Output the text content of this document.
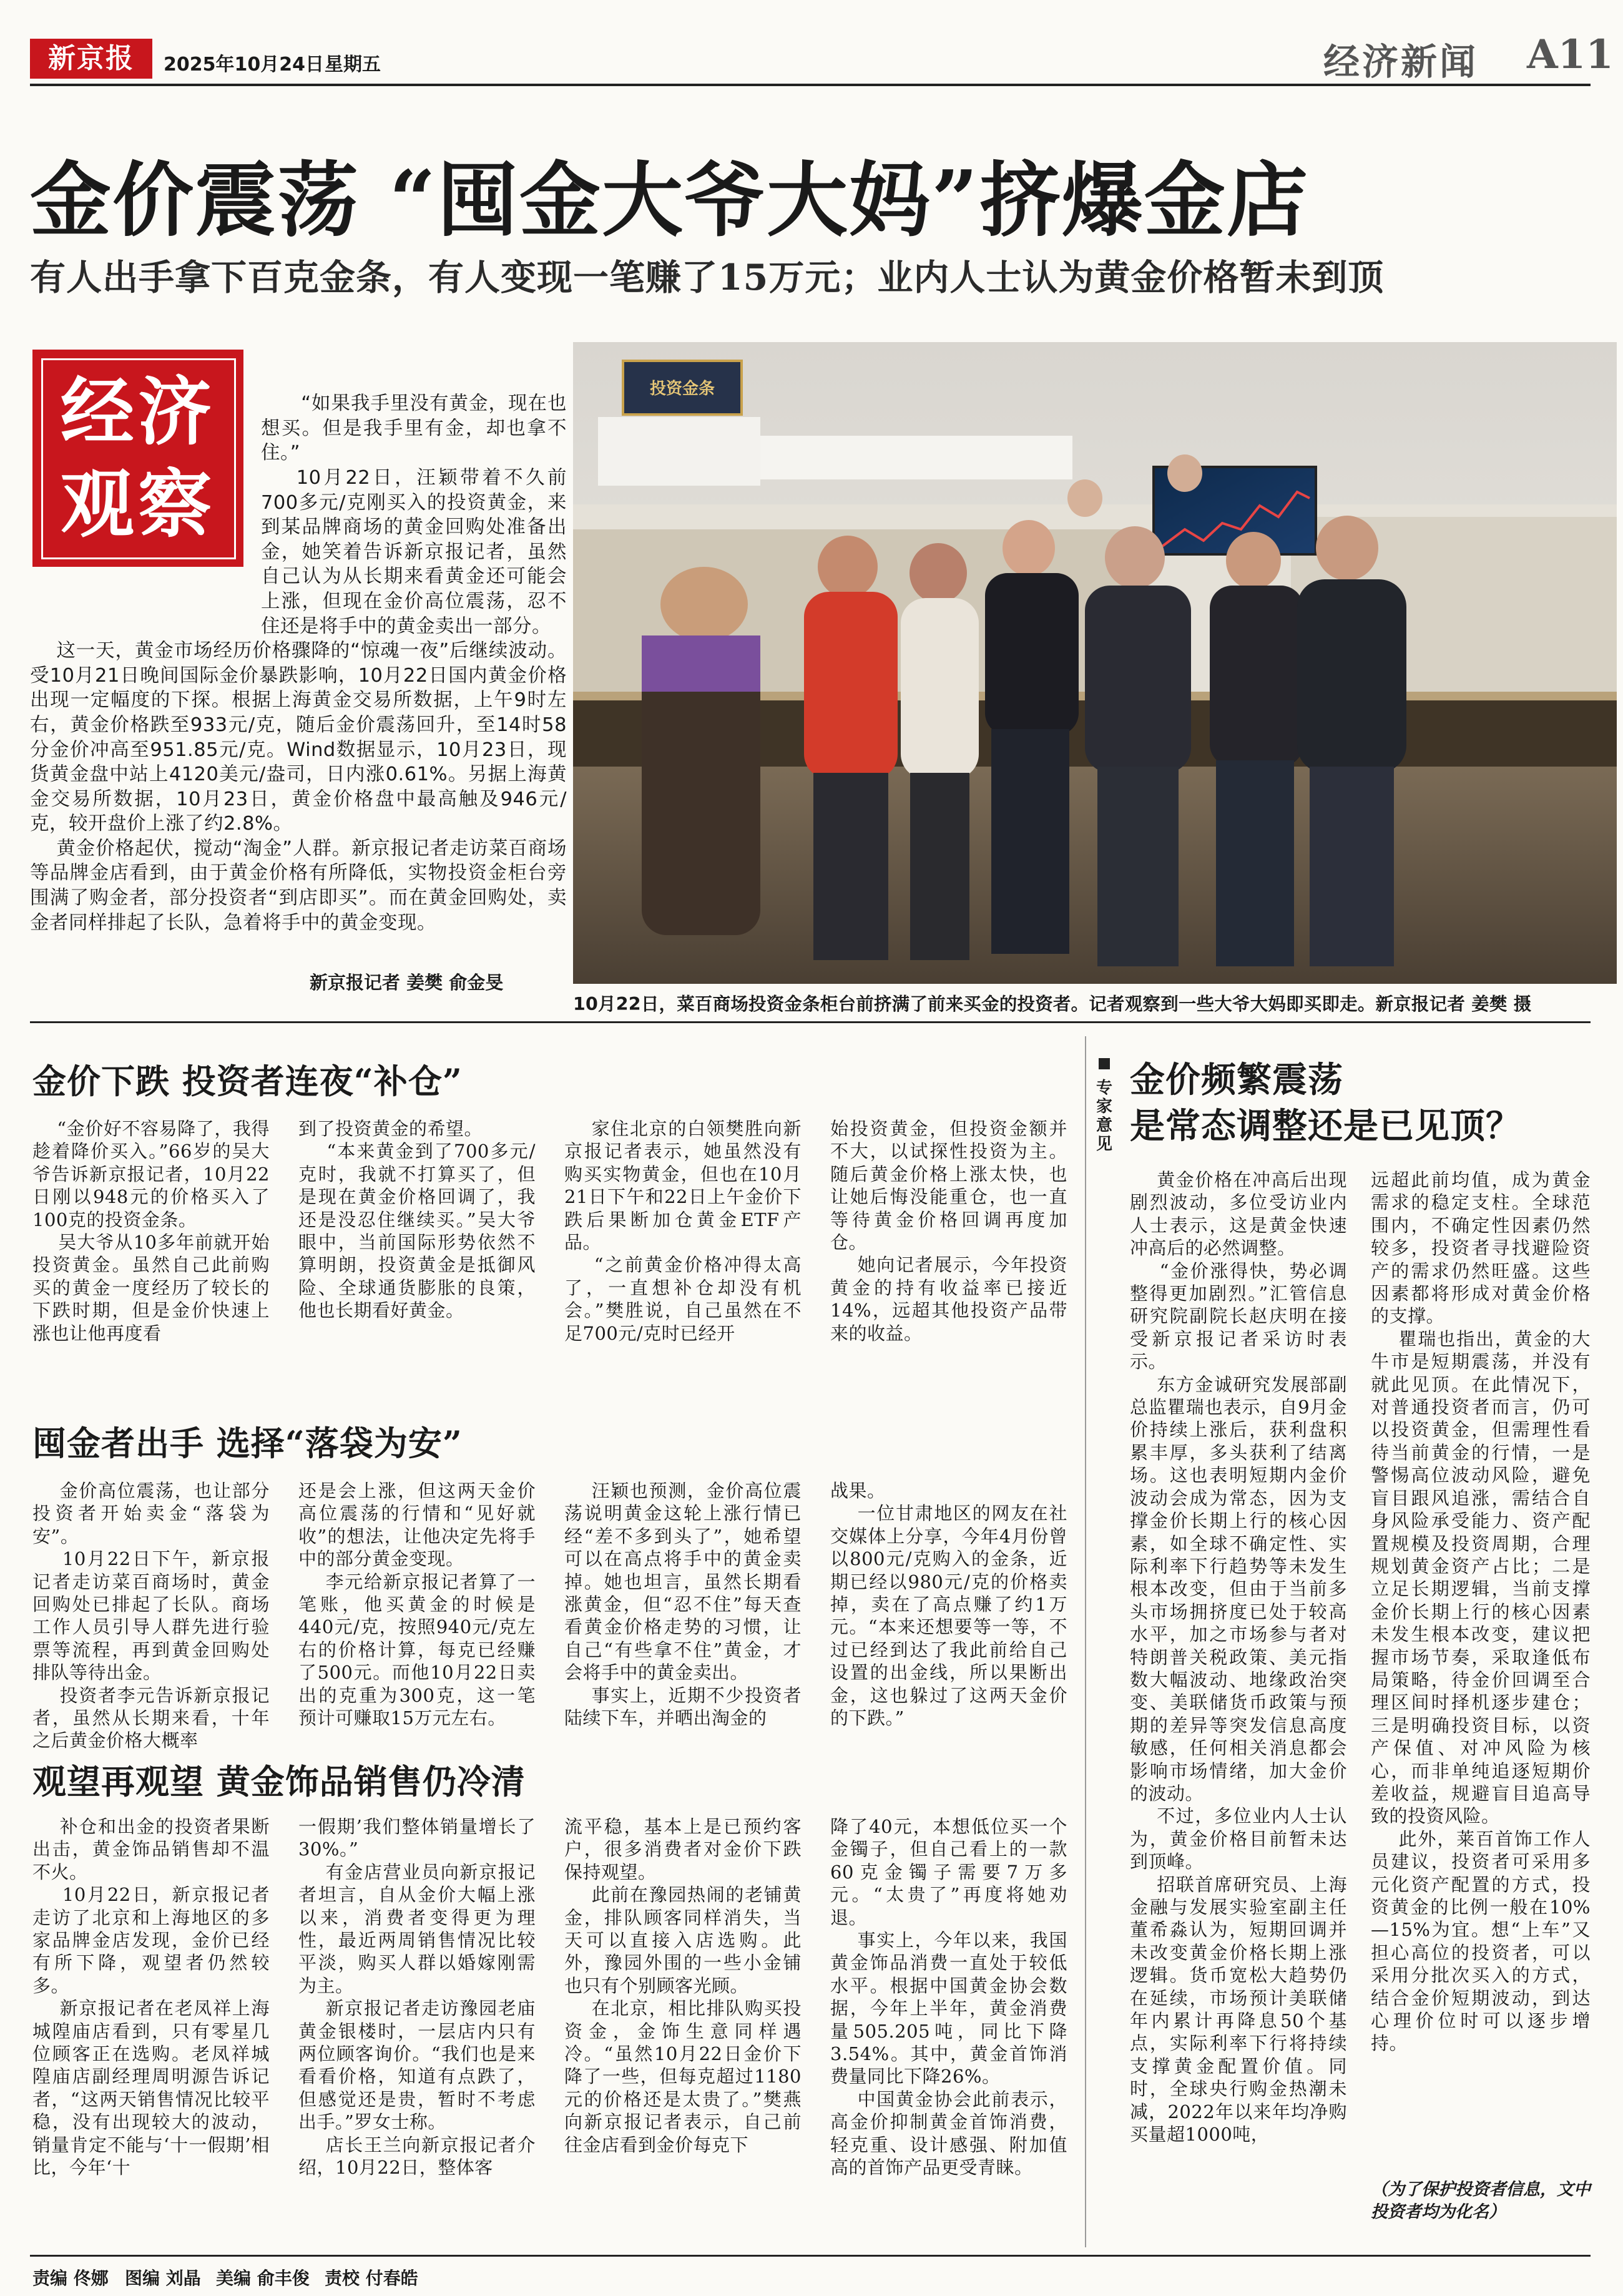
新京报	2025年10月24日 星期五	经济新闻 A11
金价震荡 “囤金大爷大妈”挤爆金店
有人出手拿下百克金条，有人变现一笔赚了15万元；业内人士认为黄金价格暂未到顶
经济
观察

“如果我手里没有黄金，现在也想买。但是我手里有金，却也拿不住。”
10月22日，汪颖带着不久前700多元/克刚买入的投资黄金，来到某品牌商场的黄金回购处准备出金，她笑着告诉新京报记者，虽然自己认为从长期来看黄金还可能会上涨，但现在金价高位震荡，忍不住还是将手中的黄金卖出一部分。
这一天，黄金市场经历价格骤降的“惊魂一夜”后继续波动。受10月21日晚间国际金价暴跌影响，10月22日国内黄金价格出现一定幅度的下探。根据上海黄金交易所数据，上午9时左右，黄金价格跌至933元/克，随后金价震荡回升，至14时58分金价冲高至951.85元/克。Wind数据显示，10月23日，现货黄金盘中站上4120美元/盎司，日内涨0.61%。另据上海黄金交易所数据，10月23日，黄金价格盘中最高触及946元/克，较开盘价上涨了约2.8%。
黄金价格起伏，搅动“淘金”人群。新京报记者走访菜百商场等品牌金店看到，由于黄金价格有所降低，实物投资金柜台旁围满了购金者，部分投资者“到店即买”。而在黄金回购处，卖金者同样排起了长队，急着将手中的黄金变现。

新京报记者 姜樊 俞金旻
投资金条
10月22日，菜百商场投资金条柜台前挤满了前来买金的投资者。记者观察到一些大爷大妈即买即走。新京报记者 姜樊 摄
金价下跌 投资者连夜“补仓”
“金价好不容易降了，我得趁着降价买入。”66岁的吴大爷告诉新京报记者，10月22日刚以948元的价格买入了100克的投资金条。
吴大爷从10多年前就开始投资黄金。虽然自己此前购买的黄金一度经历了较长的下跌时期，但是金价快速上涨也让他再度看
到了投资黄金的希望。
“本来黄金到了700多元/克时，我就不打算买了，但是现在黄金价格回调了，我还是没忍住继续买。”吴大爷眼中，当前国际形势依然不算明朗，投资黄金是抵御风险、全球通货膨胀的良策，他也长期看好黄金。
家住北京的白领樊胜向新京报记者表示，她虽然没有购买实物黄金，但也在10月21日下午和22日上午金价下跌后果断加仓黄金ETF产品。
“之前黄金价格冲得太高了，一直想补仓却没有机会。”樊胜说，自己虽然在不足700元/克时已经开
始投资黄金，但投资金额并不大，以试探性投资为主。随后黄金价格上涨太快，也让她后悔没能重仓，也一直等待黄金价格回调再度加仓。
她向记者展示，今年投资黄金的持有收益率已接近14%，远超其他投资产品带来的收益。
囤金者出手 选择“落袋为安”
金价高位震荡，也让部分投资者开始卖金“落袋为安”。
10月22日下午，新京报记者走访菜百商场时，黄金回购处已排起了长队。商场工作人员引导人群先进行验票等流程，再到黄金回购处排队等待出金。
投资者李元告诉新京报记者，虽然从长期来看，十年之后黄金价格大概率
还是会上涨，但这两天金价高位震荡的行情和“见好就收”的想法，让他决定先将手中的部分黄金变现。
李元给新京报记者算了一笔账，他买黄金的时候是440元/克，按照940元/克左右的价格计算，每克已经赚了500元。而他10月22日卖出的克重为300克，这一笔预计可赚取15万元左右。
汪颖也预测，金价高位震荡说明黄金这轮上涨行情已经“差不多到头了”，她希望可以在高点将手中的黄金卖掉。她也坦言，虽然长期看涨黄金，但“忍不住”每天查看黄金价格走势的习惯，让自己“有些拿不住”黄金，才会将手中的黄金卖出。
事实上，近期不少投资者陆续下车，并晒出淘金的
战果。
一位甘肃地区的网友在社交媒体上分享，今年4月份曾以800元/克购入的金条，近期已经以980元/克的价格卖掉，卖在了高点赚了约1万元。“本来还想要等一等，不过已经到达了我此前给自己设置的出金线，所以果断出金，这也躲过了这两天金价的下跌。”
观望再观望 黄金饰品销售仍冷清
补仓和出金的投资者果断出击，黄金饰品销售却不温不火。
10月22日，新京报记者走访了北京和上海地区的多家品牌金店发现，金价已经有所下降，观望者仍然较多。
新京报记者在老凤祥上海城隍庙店看到，只有零星几位顾客正在选购。老凤祥城隍庙店副经理周明源告诉记者，“这两天销售情况比较平稳，没有出现较大的波动，销量肯定不能与‘十一假期’相比，今年‘十
一假期’我们整体销量增长了30%。”
有金店营业员向新京报记者坦言，自从金价大幅上涨以来，消费者变得更为理性，最近两周销售情况比较平淡，购买人群以婚嫁刚需为主。
新京报记者走访豫园老庙黄金银楼时，一层店内只有两位顾客询价。“我们也是来看看价格，知道有点跌了，但感觉还是贵，暂时不考虑出手。”罗女士称。
店长王兰向新京报记者介绍，10月22日，整体客
流平稳，基本上是已预约客户，很多消费者对金价下跌保持观望。
此前在豫园热闹的老铺黄金，排队顾客同样消失，当天可以直接入店选购。此外，豫园外围的一些小金铺也只有个别顾客光顾。
在北京，相比排队购买投资金，金饰生意同样遇冷。“虽然10月22日金价下降了一些，但每克超过1180元的价格还是太贵了。”樊燕向新京报记者表示，自己前往金店看到金价每克下
降了40元，本想低位买一个金镯子，但自己看上的一款60克金镯子需要7万多元。“太贵了”再度将她劝退。
事实上，今年以来，我国黄金饰品消费一直处于较低水平。根据中国黄金协会数据，今年上半年，黄金消费量505.205吨，同比下降3.54%。其中，黄金首饰消费量同比下降26%。
中国黄金协会此前表示，高金价抑制黄金首饰消费，轻克重、设计感强、附加值高的首饰产品更受青睐。
专家意见
金价频繁震荡
是常态调整还是已见顶？
黄金价格在冲高后出现剧烈波动，多位受访业内人士表示，这是黄金快速冲高后的必然调整。
“金价涨得快，势必调整得更加剧烈。”汇管信息研究院副院长赵庆明在接受新京报记者采访时表示。
东方金诚研究发展部副总监瞿瑞也表示，自9月金价持续上涨后，获利盘积累丰厚，多头获利了结离场。这也表明短期内金价波动会成为常态，因为支撑金价长期上行的核心因素，如全球不确定性、实际利率下行趋势等未发生根本改变，但由于当前多头市场拥挤度已处于较高水平，加之市场参与者对特朗普关税政策、美元指数大幅波动、地缘政治突变、美联储货币政策与预期的差异等突发信息高度敏感，任何相关消息都会影响市场情绪，加大金价的波动。
不过，多位业内人士认为，黄金价格目前暂未达到顶峰。
招联首席研究员、上海金融与发展实验室副主任董希淼认为，短期回调并未改变黄金价格长期上涨逻辑。货币宽松大趋势仍在延续，市场预计美联储年内累计再降息50个基点，实际利率下行将持续支撑黄金配置价值。同时，全球央行购金热潮未减，2022年以来年均净购买量超1000吨，
远超此前均值，成为黄金需求的稳定支柱。全球范围内，不确定性因素仍然较多，投资者寻找避险资产的需求仍然旺盛。这些因素都将形成对黄金价格的支撑。
瞿瑞也指出，黄金的大牛市是短期震荡，并没有就此见顶。在此情况下，对普通投资者而言，仍可以投资黄金，但需理性看待当前黄金的行情，一是警惕高位波动风险，避免盲目跟风追涨，需结合自身风险承受能力、资产配置规模及投资周期，合理规划黄金资产占比；二是立足长期逻辑，当前支撑金价长期上行的核心因素未发生根本改变，建议把握市场节奏，采取逢低布局策略，待金价回调至合理区间时择机逐步建仓；三是明确投资目标，以资产保值、对冲风险为核心，而非单纯追逐短期价差收益，规避盲目追高导致的投资风险。
此外，莱百首饰工作人员建议，投资者可采用多元化资产配置的方式，投资黄金的比例一般在10%—15%为宜。想“上车”又担心高位的投资者，可以采用分批次买入的方式，结合金价短期波动，到达心理价位时可以逐步增持。
（为了保护投资者信息，文中投资者均为化名）
责编 佟娜 图编 刘晶 美编 俞丰俊 责校 付春皓
